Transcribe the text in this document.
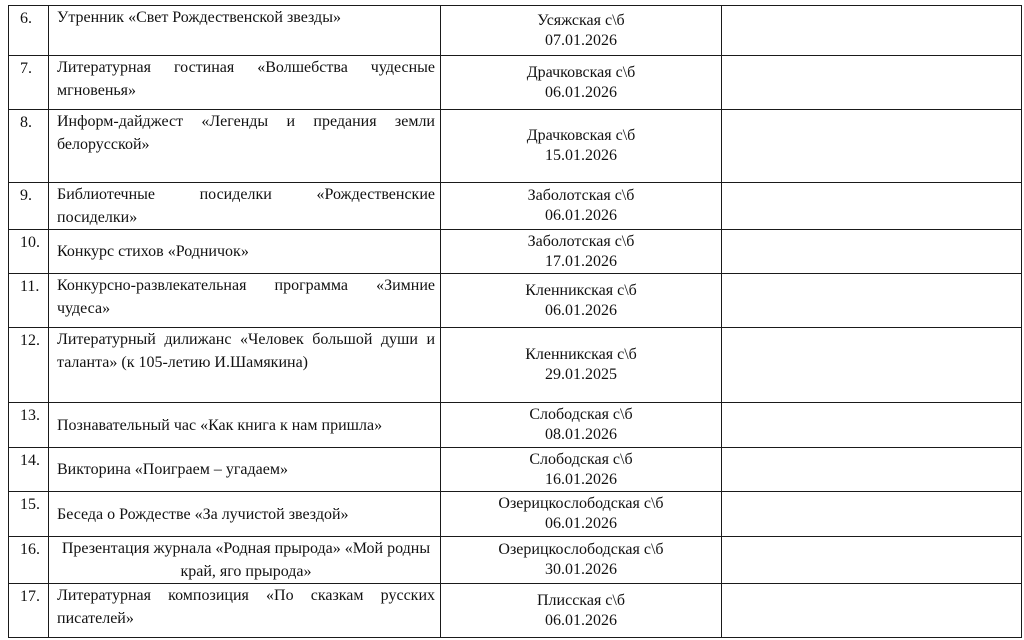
6.	Утренник «Свет Рождественской звезды»	Усяжская с\б
07.01.2026	

7.	Литературная гостиная «Волшебства чудесные мгновенья»	Драчковская с\б
06.01.2026	

8.	Информ-дайджест «Легенды и предания земли белорусской»	Драчковская с\б
15.01.2026	

9.	Библиотечные посиделки «Рождественские посиделки»	Заболотская с\б
06.01.2026	

10.	Конкурс стихов «Родничок»	Заболотская с\б
17.01.2026	

11.	Конкурсно-развлекательная программа «Зимние чудеса»	Кленникская с\б
06.01.2026	

12.	Литературный дилижанс «Человек большой души и таланта» (к 105-летию И.Шамякина)	Кленникская с\б
29.01.2025	

13.	Познавательный час «Как книга к нам пришла»	Слободская с\б
08.01.2026	

14.	Викторина «Поиграем – угадаем»	Слободская с\б
16.01.2026	

15.	Беседа о Рождестве «За лучистой звездой»	Озерицкослободская с\б
06.01.2026	

16.	Презентация журнала «Родная прырода» «Мой родны край, яго прырода»	Озерицкослободская с\б
30.01.2026	

17.	Литературная композиция «По сказкам русских писателей»	Плисская с\б
06.01.2026	
